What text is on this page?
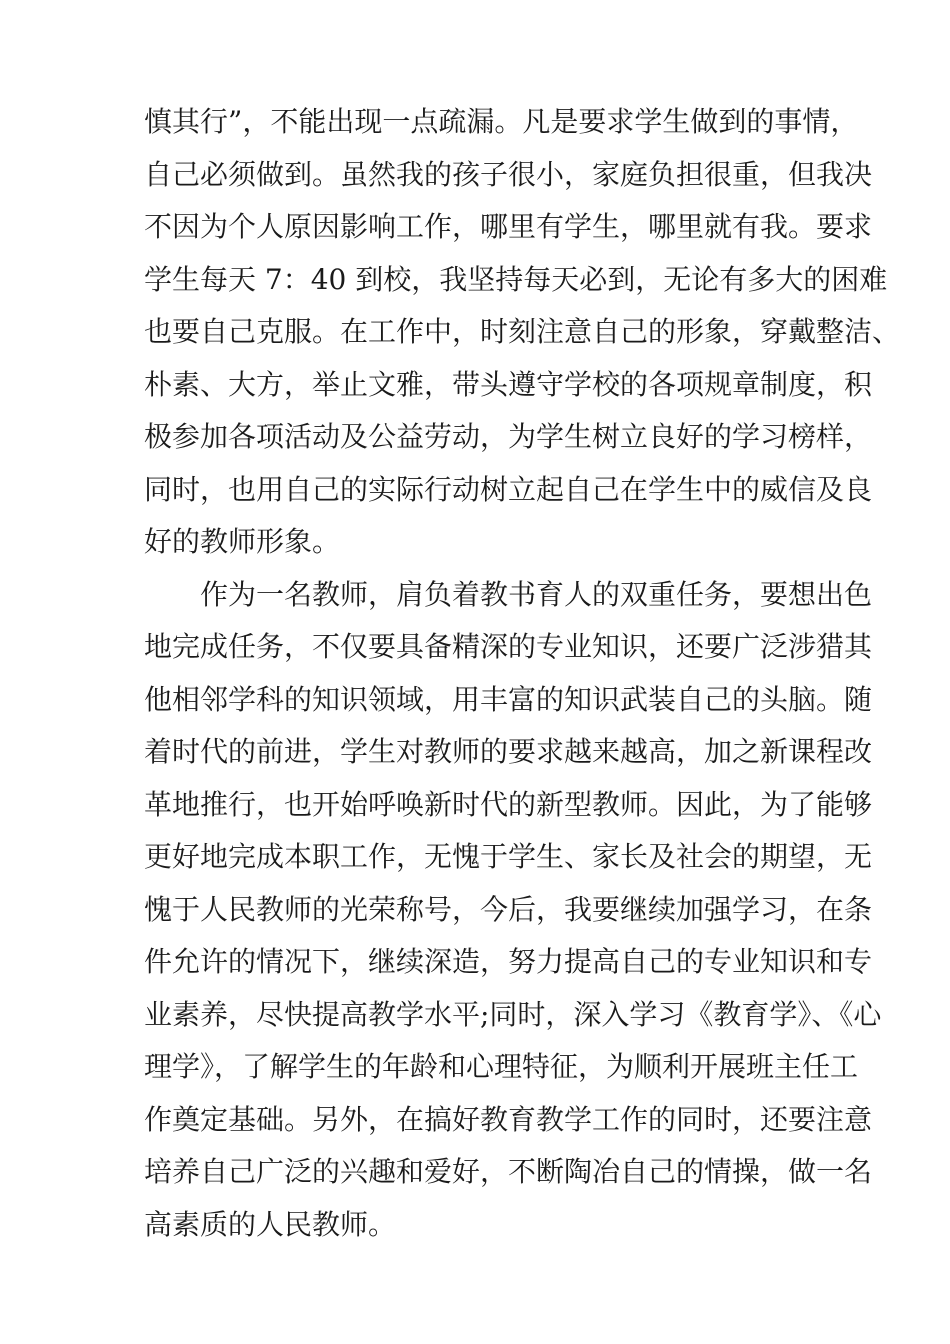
慎其行”，不能出现一点疏漏。凡是要求学生做到的事情，
自己必须做到。虽然我的孩子很小，家庭负担很重，但我决
不因为个人原因影响工作，哪里有学生，哪里就有我。要求
学生每天 7：40 到校，我坚持每天必到，无论有多大的困难
也要自己克服。在工作中，时刻注意自己的形象，穿戴整洁、
朴素、大方，举止文雅，带头遵守学校的各项规章制度，积
极参加各项活动及公益劳动，为学生树立良好的学习榜样，
同时，也用自己的实际行动树立起自己在学生中的威信及良
好的教师形象。
作为一名教师，肩负着教书育人的双重任务，要想出色
地完成任务，不仅要具备精深的专业知识，还要广泛涉猎其
他相邻学科的知识领域，用丰富的知识武装自己的头脑。随
着时代的前进，学生对教师的要求越来越高，加之新课程改
革地推行，也开始呼唤新时代的新型教师。因此，为了能够
更好地完成本职工作，无愧于学生、家长及社会的期望，无
愧于人民教师的光荣称号，今后，我要继续加强学习，在条
件允许的情况下，继续深造，努力提高自己的专业知识和专
业素养，尽快提高教学水平;同时，深入学习《教育学》、《心
理学》，了解学生的年龄和心理特征，为顺利开展班主任工
作奠定基础。另外，在搞好教育教学工作的同时，还要注意
培养自己广泛的兴趣和爱好，不断陶冶自己的情操，做一名
高素质的人民教师。
